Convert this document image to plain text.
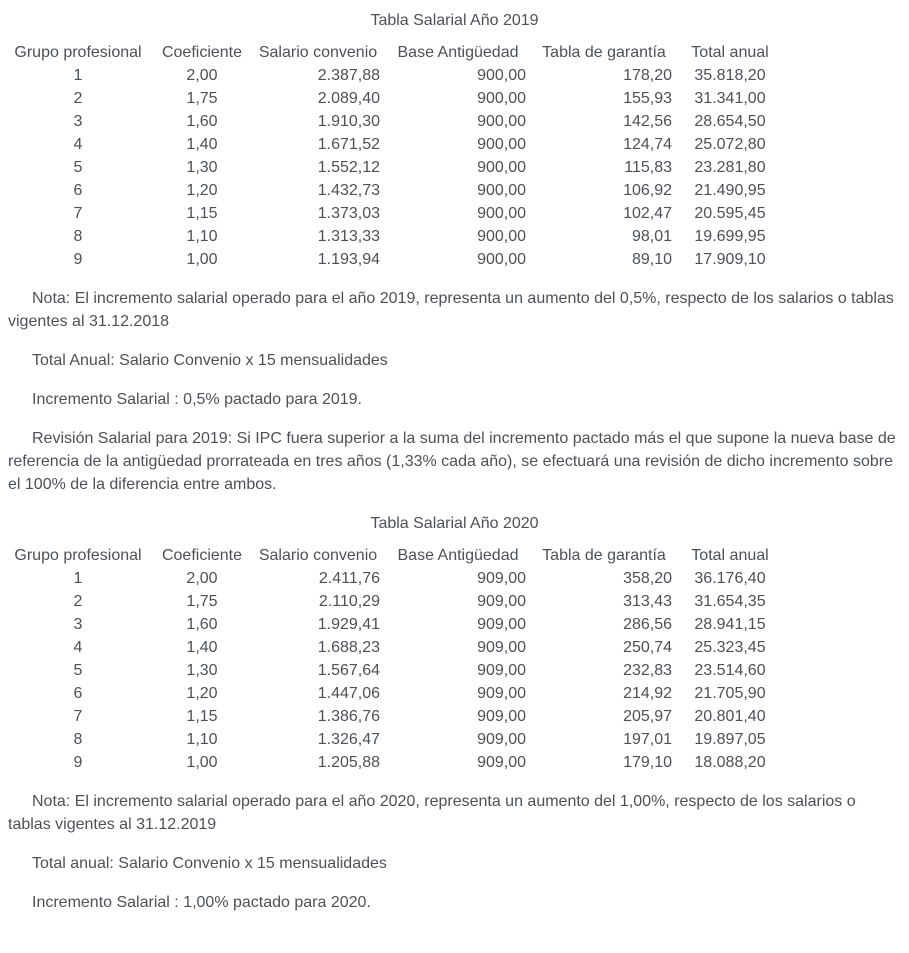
Tabla Salarial Año 2019
Grupo profesional	Coeficiente	Salario convenio	Base Antigüedad	Tabla de garantía	Total anual
1	2,00	2.387,88	900,00	178,20	35.818,20
2	1,75	2.089,40	900,00	155,93	31.341,00
3	1,60	1.910,30	900,00	142,56	28.654,50
4	1,40	1.671,52	900,00	124,74	25.072,80
5	1,30	1.552,12	900,00	115,83	23.281,80
6	1,20	1.432,73	900,00	106,92	21.490,95
7	1,15	1.373,03	900,00	102,47	20.595,45
8	1,10	1.313,33	900,00	98,01	19.699,95
9	1,00	1.193,94	900,00	89,10	17.909,10

Nota: El incremento salarial operado para el año 2019, representa un aumento del 0,5%, respecto de los salarios o tablas vigentes al 31.12.2018

Total Anual: Salario Convenio x 15 mensualidades

Incremento Salarial : 0,5% pactado para 2019.

Revisión Salarial para 2019: Si IPC fuera superior a la suma del incremento pactado más el que supone la nueva base de referencia de la antigüedad prorrateada en tres años (1,33% cada año), se efectuará una revisión de dicho incremento sobre el 100% de la diferencia entre ambos.

Tabla Salarial Año 2020
Grupo profesional	Coeficiente	Salario convenio	Base Antigüedad	Tabla de garantía	Total anual
1	2,00	2.411,76	909,00	358,20	36.176,40
2	1,75	2.110,29	909,00	313,43	31.654,35
3	1,60	1.929,41	909,00	286,56	28.941,15
4	1,40	1.688,23	909,00	250,74	25.323,45
5	1,30	1.567,64	909,00	232,83	23.514,60
6	1,20	1.447,06	909,00	214,92	21.705,90
7	1,15	1.386,76	909,00	205,97	20.801,40
8	1,10	1.326,47	909,00	197,01	19.897,05
9	1,00	1.205,88	909,00	179,10	18.088,20

Nota: El incremento salarial operado para el año 2020, representa un aumento del 1,00%, respecto de los salarios o tablas vigentes al 31.12.2019

Total anual: Salario Convenio x 15 mensualidades

Incremento Salarial : 1,00% pactado para 2020.
